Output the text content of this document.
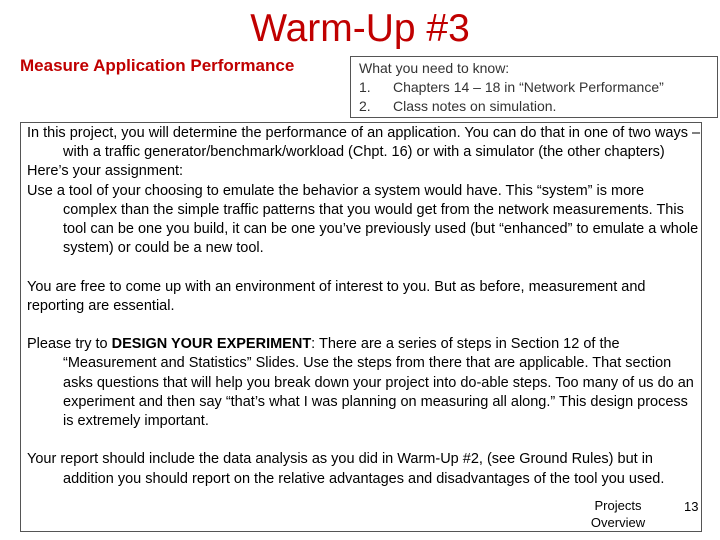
Warm-Up #3
Measure Application Performance	What you need to know:
1.	Chapters 14 – 18 in “Network Performance”
2.	Class notes on simulation.

In this project, you will determine the performance of an application. You can do that in one of two ways – with a traffic generator/benchmark/workload (Chpt. 16) or with a simulator (the other chapters)

Here’s your assignment:

Use a tool of your choosing to emulate the behavior a system would have. This “system” is more complex than the simple traffic patterns that you would get from the network measurements. This tool can be one you build, it can be one you’ve previously used (but “enhanced” to emulate a whole system) or could be a new tool.

You are free to come up with an environment of interest to you. But as before, measurement and reporting are essential.

Please try to DESIGN YOUR EXPERIMENT: There are a series of steps in Section 12 of the “Measurement and Statistics” Slides. Use the steps from there that are applicable. That section asks questions that will help you break down your project into do-able steps. Too many of us do an experiment and then say “that’s what I was planning on measuring all along.” This design process is extremely important.

Your report should include the data analysis as you did in Warm-Up #2, (see Ground Rules) but in addition you should report on the relative advantages and disadvantages of the tool you used.

Projects Overview
13
